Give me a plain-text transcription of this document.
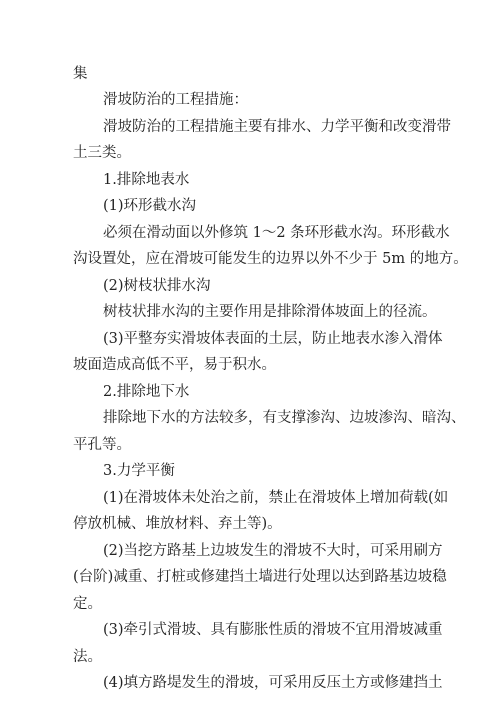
集
滑坡防治的工程措施：
滑坡防治的工程措施主要有排水、力学平衡和改变滑带
土三类。
1.排除地表水
(1)环形截水沟
必须在滑动面以外修筑 1～2 条环形截水沟。环形截水
沟设置处，应在滑坡可能发生的边界以外不少于 5m 的地方。
(2)树枝状排水沟
树枝状排水沟的主要作用是排除滑体坡面上的径流。
(3)平整夯实滑坡体表面的土层，防止地表水渗入滑体
坡面造成高低不平，易于积水。
2.排除地下水
排除地下水的方法较多，有支撑渗沟、边坡渗沟、暗沟、
平孔等。
3.力学平衡
(1)在滑坡体未处治之前，禁止在滑坡体上增加荷载(如
停放机械、堆放材料、弃土等)。
(2)当挖方路基上边坡发生的滑坡不大时，可采用刷方
(台阶)减重、打桩或修建挡土墙进行处理以达到路基边坡稳
定。
(3)牵引式滑坡、具有膨胀性质的滑坡不宜用滑坡减重
法。
(4)填方路堤发生的滑坡，可采用反压土方或修建挡土
